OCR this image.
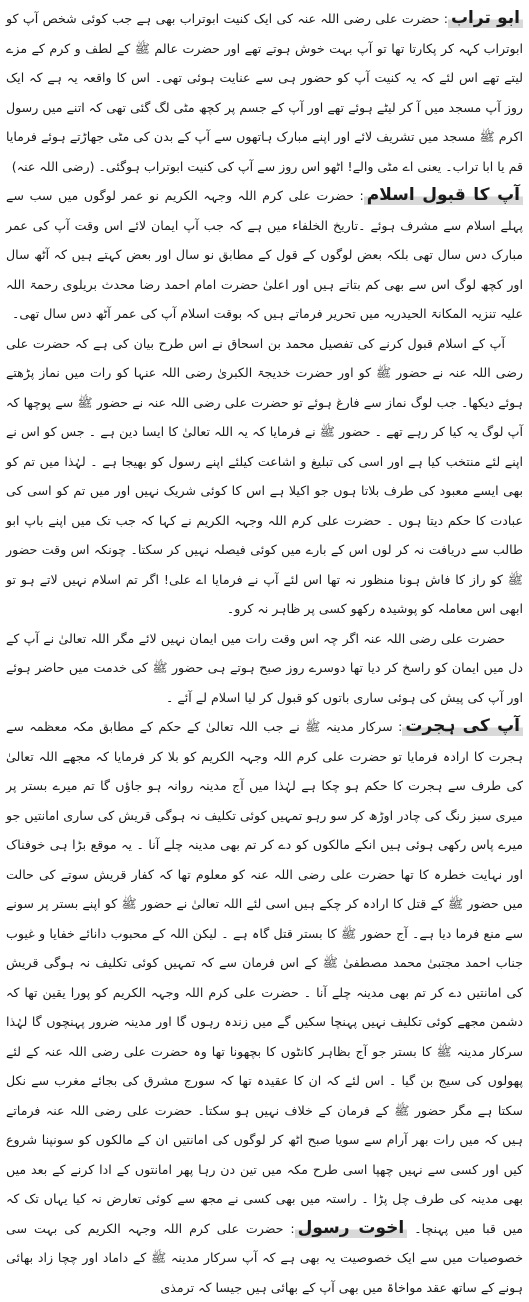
ابو تراب: حضرت علی رضی اللہ عنہ کی ایک کنیت ابوتراب بھی ہے جب کوئی شخص آپ کو ابوتراب کہہ کر پکارتا تھا تو آپ بہت خوش ہوتے تھے اور حضرت عالم ﷺ کے لطف و کرم کے مزے لیتے تھے اس لئے کہ یہ کنیت آپ کو حضور ہی سے عنایت ہوئی تھی۔ اس کا واقعہ یہ ہے کہ ایک روز آپ مسجد میں آ کر لیٹے ہوئے تھے اور آپ کے جسم پر کچھ مٹی لگ گئی تھی کہ اتنے میں رسول اکرم ﷺ مسجد میں تشریف لائے اور اپنے مبارک ہاتھوں سے آپ کے بدن کی مٹی جھاڑتے ہوئے فرمایا قم یا ابا تراب۔ یعنی اے مٹی والے! اٹھو اس روز سے آپ کی کنیت ابوتراب ہوگئی۔ (رضی اللہ عنہ)

آپ کا قبول اسلام: حضرت علی کرم اللہ وجہہ الکریم نو عمر لوگوں میں سب سے پہلے اسلام سے مشرف ہوئے ۔تاریخ الخلفاء میں ہے کہ جب آپ ایمان لائے اس وقت آپ کی عمر مبارک دس سال تھی بلکہ بعض لوگوں کے قول کے مطابق نو سال اور بعض کہتے ہیں کہ آٹھ سال اور کچھ لوگ اس سے بھی کم بتاتے ہیں اور اعلیٰ حضرت امام احمد رضا محدث بریلوی رحمۃ اللہ علیہ تنزیہ المکانۃ الحیدریہ میں تحریر فرماتے ہیں کہ بوقت اسلام آپ کی عمر آٹھ دس سال تھی۔

آپ کے اسلام قبول کرنے کی تفصیل محمد بن اسحاق نے اس طرح بیان کی ہے کہ حضرت علی رضی اللہ عنہ نے حضور ﷺ کو اور حضرت خدیجۃ الکبریٰ رضی اللہ عنہا کو رات میں نماز پڑھتے ہوئے دیکھا۔ جب لوگ نماز سے فارغ ہوئے تو حضرت علی رضی اللہ عنہ نے حضور ﷺ سے پوچھا کہ آپ لوگ یہ کیا کر رہے تھے ۔ حضور ﷺ نے فرمایا کہ یہ اللہ تعالیٰ کا ایسا دین ہے ۔ جس کو اس نے اپنے لئے منتخب کیا ہے اور اسی کی تبلیغ و اشاعت کیلئے اپنے رسول کو بھیجا ہے ۔ لہٰذا میں تم کو بھی ایسے معبود کی طرف بلاتا ہوں جو اکیلا ہے اس کا کوئی شریک نہیں اور میں تم کو اسی کی عبادت کا حکم دیتا ہوں ۔ حضرت علی کرم اللہ وجہہ الکریم نے کہا کہ جب تک میں اپنے باپ ابو طالب سے دریافت نہ کر لوں اس کے بارے میں کوئی فیصلہ نہیں کر سکتا۔ چونکہ اس وقت حضور ﷺ کو راز کا فاش ہونا منظور نہ تھا اس لئے آپ نے فرمایا اے علی! اگر تم اسلام نہیں لاتے ہو تو ابھی اس معاملہ کو پوشیدہ رکھو کسی پر ظاہر نہ کرو۔

حضرت علی رضی اللہ عنہ اگر چہ اس وقت رات میں ایمان نہیں لائے مگر اللہ تعالیٰ نے آپ کے دل میں ایمان کو راسخ کر دیا تھا دوسرے روز صبح ہوتے ہی حضور ﷺ کی خدمت میں حاضر ہوئے اور آپ کی پیش کی ہوئی ساری باتوں کو قبول کر لیا اسلام لے آئے ۔

آپ کی ہجرت: سرکار مدینہ ﷺ نے جب اللہ تعالیٰ کے حکم کے مطابق مکہ معظمہ سے ہجرت کا ارادہ فرمایا تو حضرت علی کرم اللہ وجہہ الکریم کو بلا کر فرمایا کہ مجھے اللہ تعالیٰ کی طرف سے ہجرت کا حکم ہو چکا ہے لہٰذا میں آج مدینہ روانہ ہو جاؤں گا تم میرے بستر پر میری سبز رنگ کی چادر اوڑھ کر سو رہو تمہیں کوئی تکلیف نہ ہوگی قریش کی ساری امانتیں جو میرے پاس رکھی ہوئی ہیں انکے مالکوں کو دے کر تم بھی مدینہ چلے آنا ۔ یہ موقع بڑا ہی خوفناک اور نہایت خطرہ کا تھا حضرت علی رضی اللہ عنہ کو معلوم تھا کہ کفار قریش سوتے کی حالت میں حضور ﷺ کے قتل کا ارادہ کر چکے ہیں اسی لئے اللہ تعالیٰ نے حضور ﷺ کو اپنے بستر پر سونے سے منع فرما دیا ہے۔ آج حضور ﷺ کا بستر قتل گاہ ہے ۔ لیکن اللہ کے محبوب دانائے خفایا و غیوب جناب احمد مجتبیٰ محمد مصطفیٰ ﷺ کے اس فرمان سے کہ تمہیں کوئی تکلیف نہ ہوگی قریش کی امانتیں دے کر تم بھی مدینہ چلے آنا ۔ حضرت علی کرم اللہ وجہہ الکریم کو پورا یقین تھا کہ دشمن مجھے کوئی تکلیف نہیں پہنچا سکیں گے میں زندہ رہوں گا اور مدینہ ضرور پہنچوں گا لہٰذا سرکار مدینہ ﷺ کا بستر جو آج بظاہر کانٹوں کا بچھونا تھا وہ حضرت علی رضی اللہ عنہ کے لئے پھولوں کی سیج بن گیا ۔ اس لئے کہ ان کا عقیدہ تھا کہ سورج مشرق کی بجائے مغرب سے نکل سکتا ہے مگر حضور ﷺ کے فرمان کے خلاف نہیں ہو سکتا۔ حضرت علی رضی اللہ عنہ فرماتے ہیں کہ میں رات بھر آرام سے سویا صبح اٹھ کر لوگوں کی امانتیں ان کے مالکوں کو سونپنا شروع کیں اور کسی سے نہیں چھپا اسی طرح مکہ میں تین دن رہا پھر امانتوں کے ادا کرنے کے بعد میں بھی مدینہ کی طرف چل پڑا ۔ راستہ میں بھی کسی نے مجھ سے کوئی تعارض نہ کیا یہاں تک کہ میں قبا میں پہنچا۔ اخوت رسول: حضرت علی کرم اللہ وجہہ الکریم کی بہت سی خصوصیات میں سے ایک خصوصیت یہ بھی ہے کہ آپ سرکار مدینہ ﷺ کے داماد اور چچا زاد بھائی ہونے کے ساتھ عقد مواخاۃ میں بھی آپ کے بھائی ہیں جیسا کہ ترمذی
